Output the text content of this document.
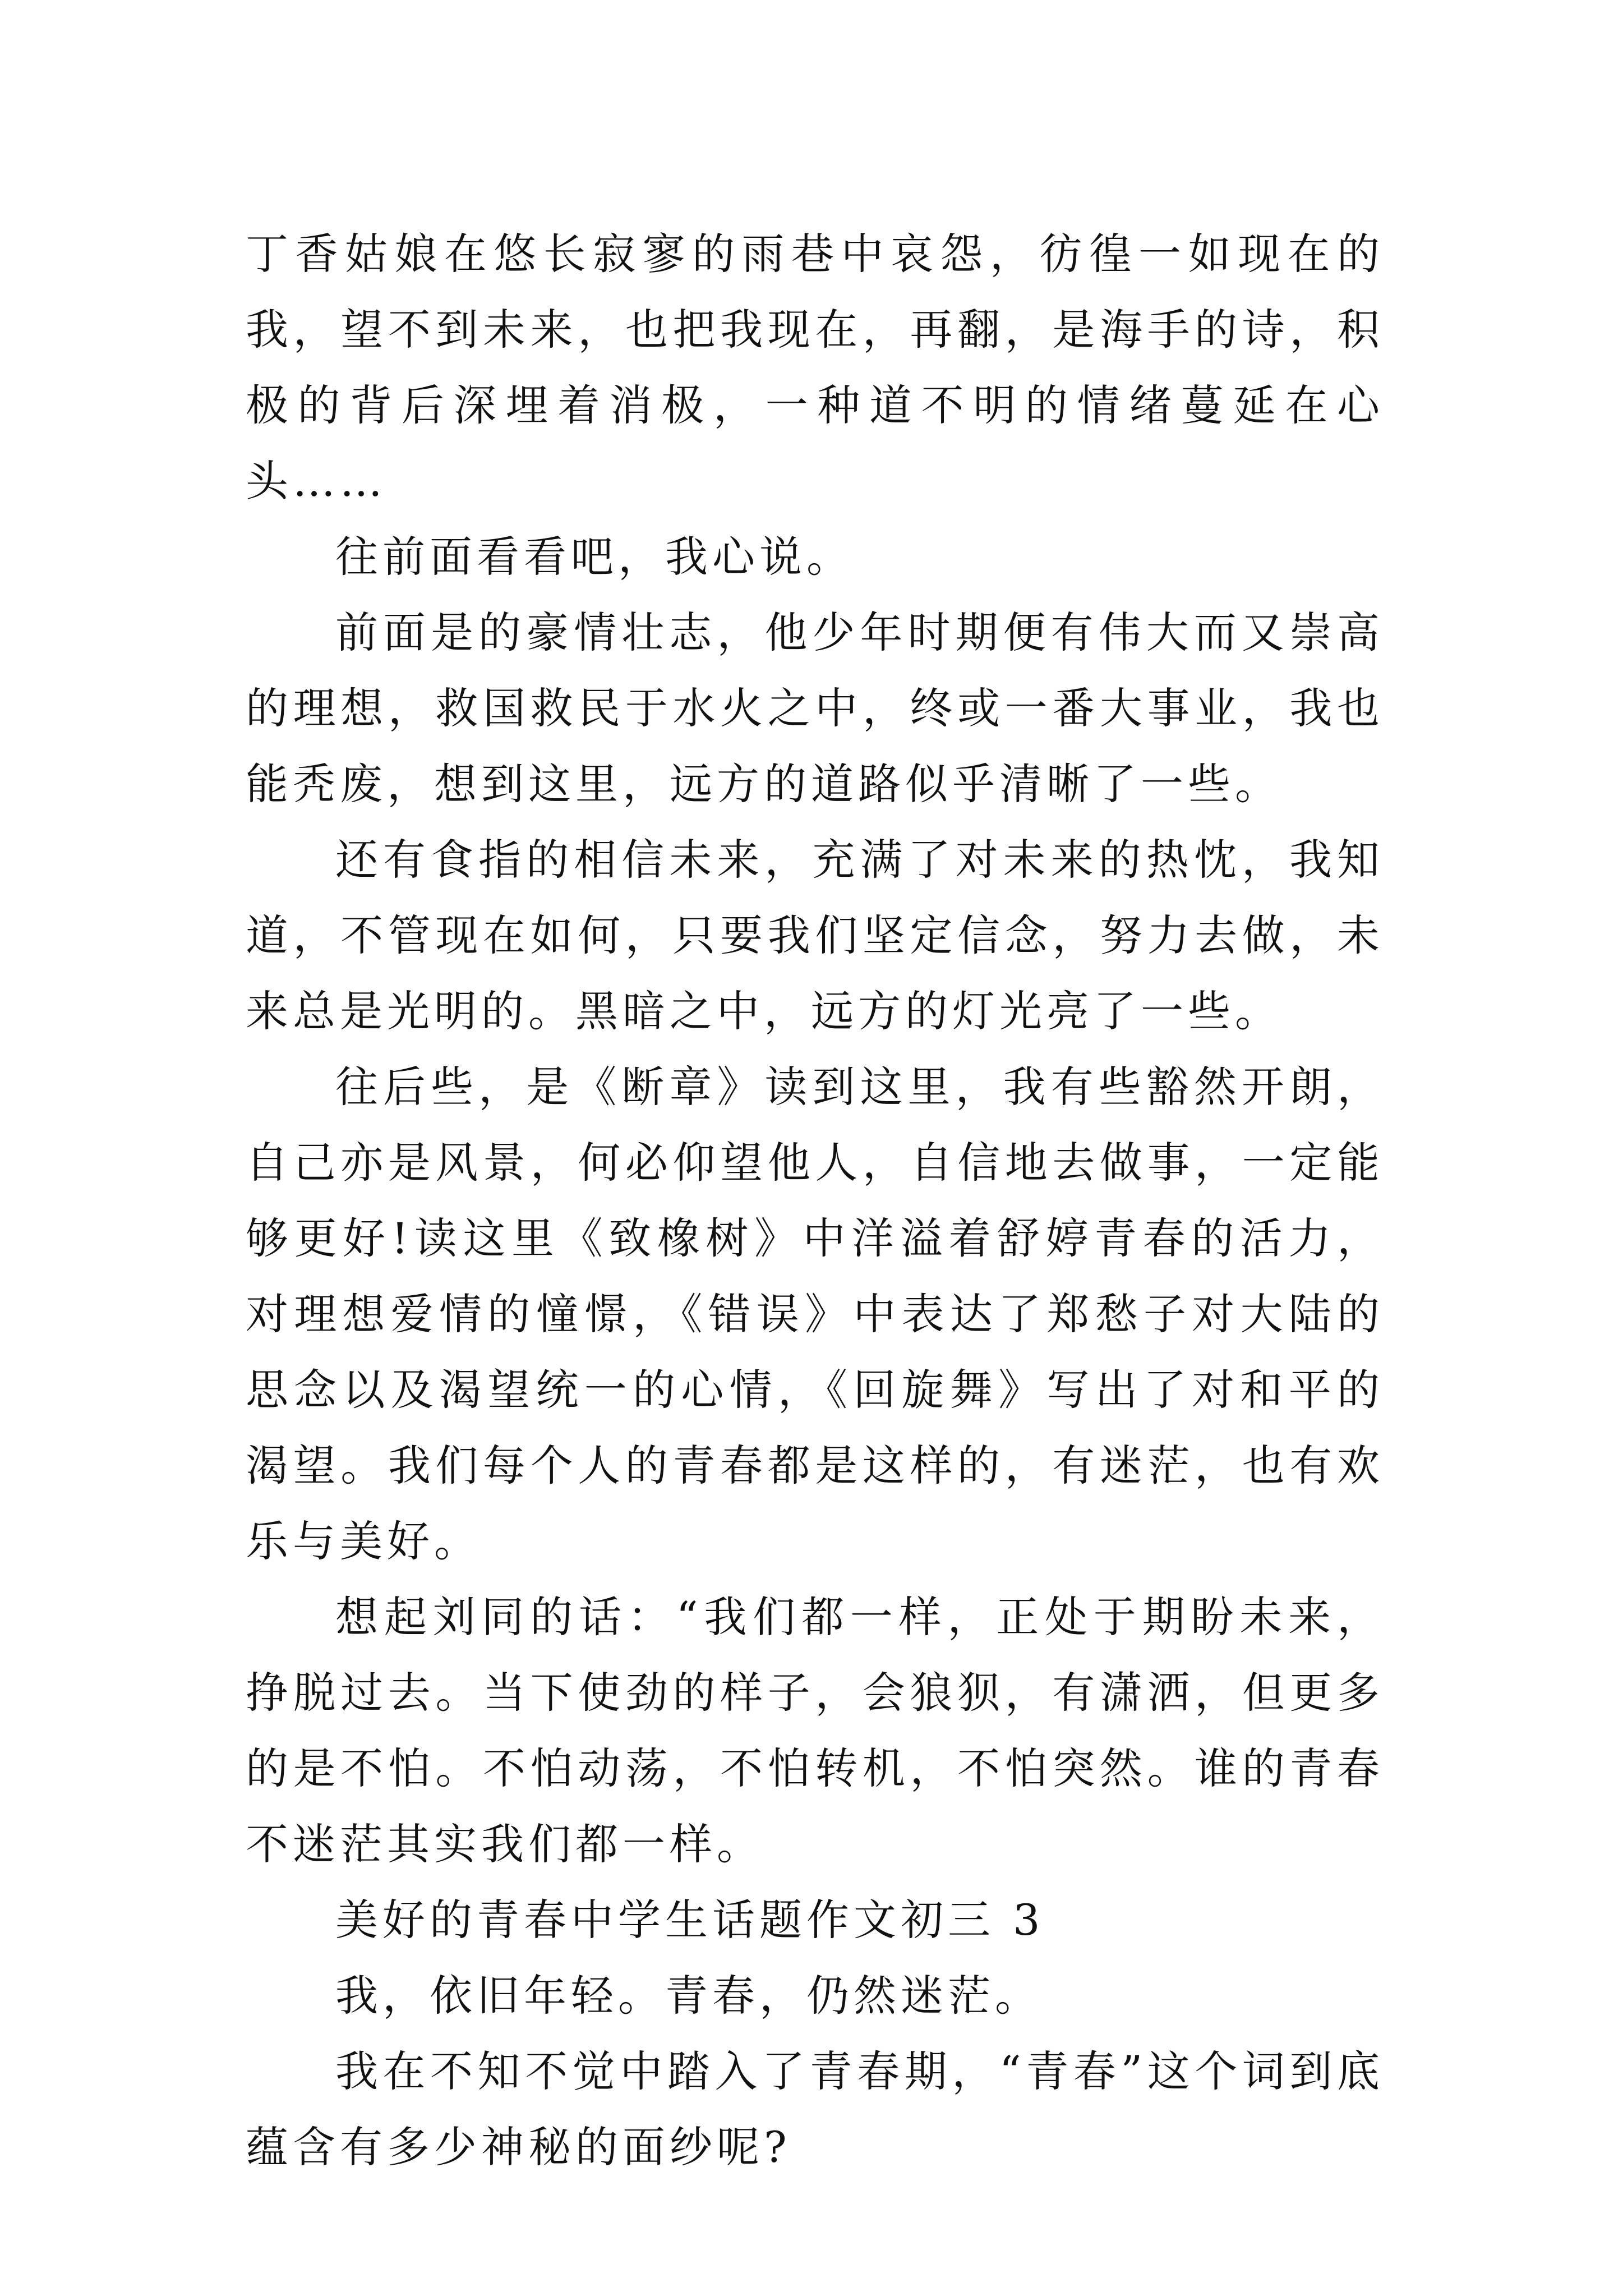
丁香姑娘在悠长寂寥的雨巷中哀怨，彷徨一如现在的我，望不到未来，也把我现在，再翻，是海手的诗，积极的背后深埋着消极，一种道不明的情绪蔓延在心头……

往前面看看吧，我心说。

前面是的豪情壮志，他少年时期便有伟大而又崇高的理想，救国救民于水火之中，终或一番大事业，我也能秃废，想到这里，远方的道路似乎清晰了一些。

还有食指的相信未来，充满了对未来的热忱，我知道，不管现在如何，只要我们坚定信念，努力去做，未来总是光明的。黑暗之中，远方的灯光亮了一些。

往后些，是《断章》读到这里，我有些豁然开朗，自己亦是风景，何必仰望他人，自信地去做事，一定能够更好!读这里《致橡树》中洋溢着舒婷青春的活力，对理想爱情的憧憬，《错误》中表达了郑愁子对大陆的思念以及渴望统一的心情，《回旋舞》写出了对和平的渴望。我们每个人的青春都是这样的，有迷茫，也有欢乐与美好。

想起刘同的话：“我们都一样，正处于期盼未来，挣脱过去。当下使劲的样子，会狼狈，有潇洒，但更多的是不怕。不怕动荡，不怕转机，不怕突然。谁的青春不迷茫其实我们都一样。

美好的青春中学生话题作文初三 3

我，依旧年轻。青春，仍然迷茫。

我在不知不觉中踏入了青春期，“青春”这个词到底蕴含有多少神秘的面纱呢?
